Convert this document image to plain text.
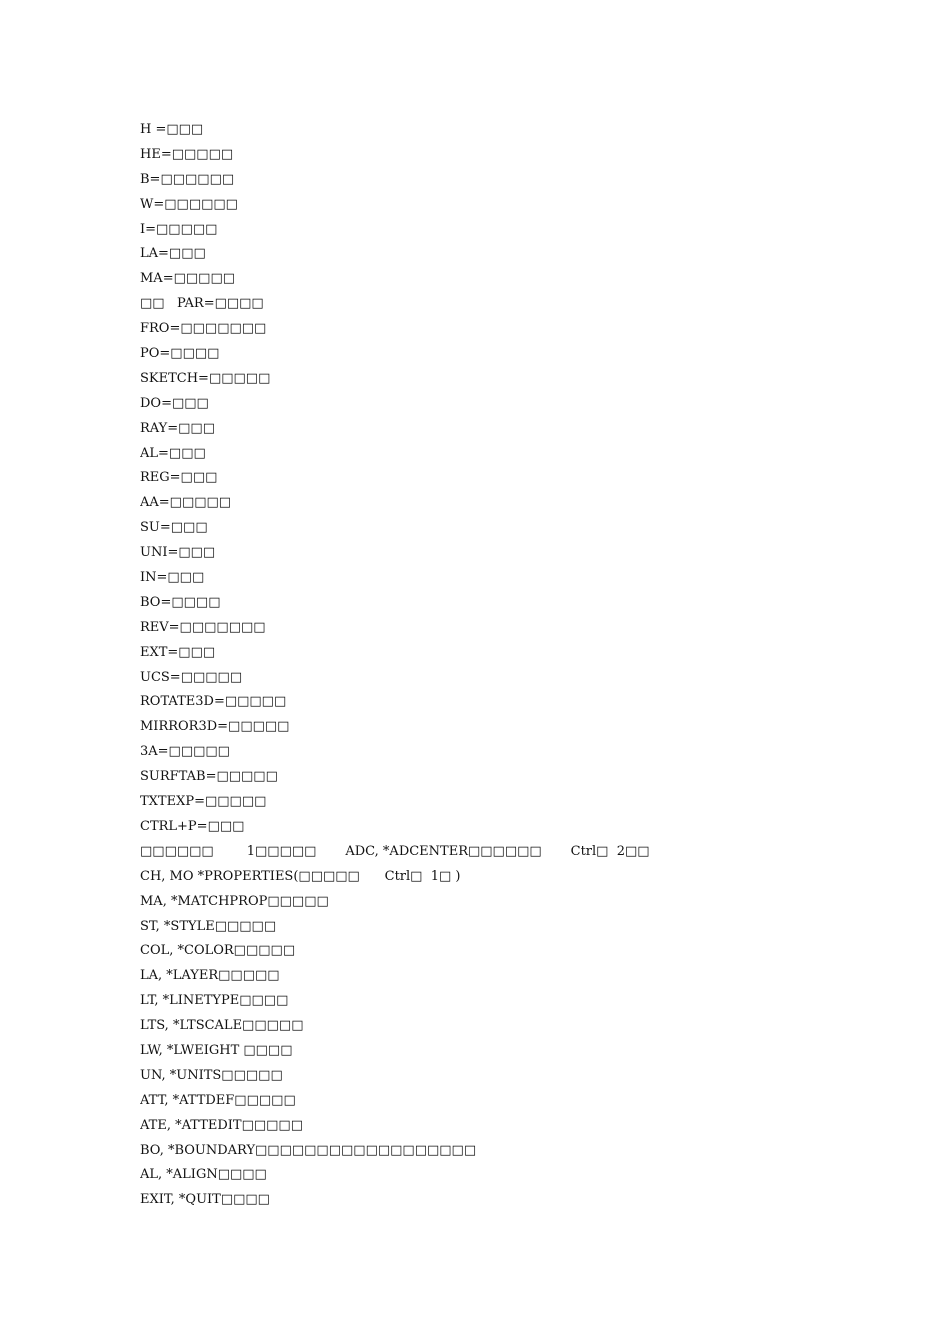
H =□□□
HE=□□□□□
B=□□□□□□
W=□□□□□□
I=□□□□□
LA=□□□
MA=□□□□□
□□   PAR=□□□□
FRO=□□□□□□□
PO=□□□□
SKETCH=□□□□□
DO=□□□
RAY=□□□
AL=□□□
REG=□□□
AA=□□□□□
SU=□□□
UNI=□□□
IN=□□□
BO=□□□□
REV=□□□□□□□
EXT=□□□
UCS=□□□□□
ROTATE3D=□□□□□
MIRROR3D=□□□□□
3A=□□□□□
SURFTAB=□□□□□
TXTEXP=□□□□□
CTRL+P=□□□
□□□□□□        1□□□□□       ADC, *ADCENTER□□□□□□       Ctrl□  2□□
CH, MO *PROPERTIES(□□□□□      Ctrl□  1□ )
MA, *MATCHPROP□□□□□
ST, *STYLE□□□□□
COL, *COLOR□□□□□
LA, *LAYER□□□□□
LT, *LINETYPE□□□□
LTS, *LTSCALE□□□□□
LW, *LWEIGHT □□□□
UN, *UNITS□□□□□
ATT, *ATTDEF□□□□□
ATE, *ATTEDIT□□□□□
BO, *BOUNDARY□□□□□□□□□□□□□□□□□□
AL, *ALIGN□□□□
EXIT, *QUIT□□□□
